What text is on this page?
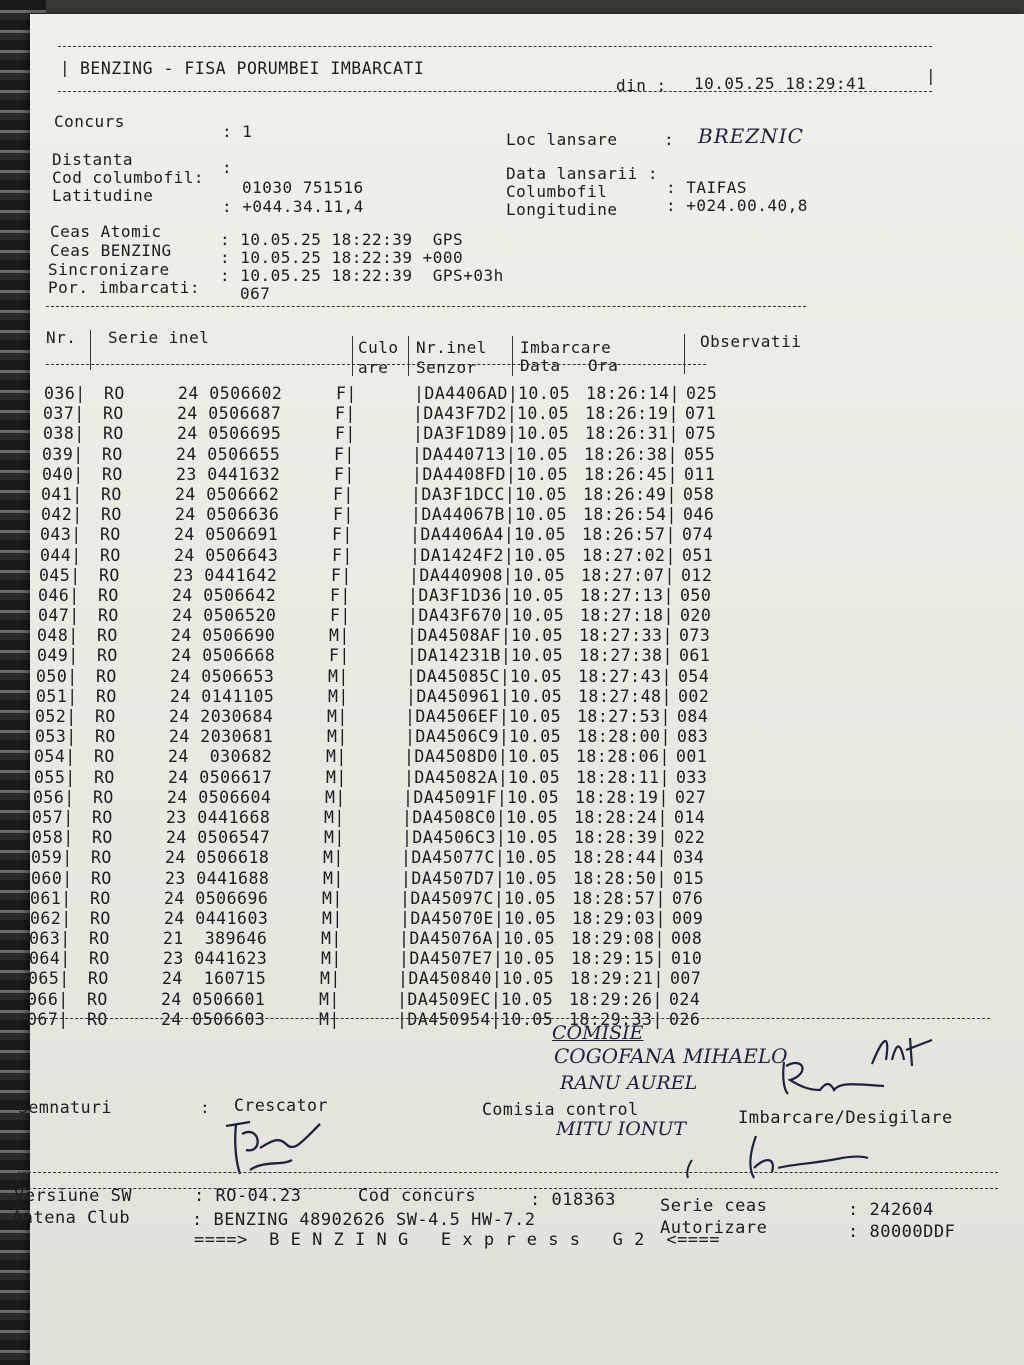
| BENZING - FISA PORUMBEI IMBARCATI
din : 10.05.25 18:29:41	|
Concurs
: 1
Distanta	:
Cod columbofil:
01030 751516
Latitudine
: +044.34.11,4
Loc lansare	: BREZNIC
Data lansarii :
Columbofil	: TAIFAS
Longitudine	: +024.00.40,8
Ceas Atomic	: 10.05.25 18:22:39  GPS
Ceas BENZING	: 10.05.25 18:22:39 +000
Sincronizare	: 10.05.25 18:22:39  GPS+03h
Por. imbarcati:	067
Nr. Serie inel
Culo
are
Nr.inel
Senzor
Imbarcare
Data Ora
Observatii
036| RO	24 0506602	F|	|DA4406AD| 10.05 18:26:14| 025
037| RO	24 0506687	F|	|DA43F7D2| 10.05 18:26:19| 071
038| RO	24 0506695	F|	|DA3F1D89| 10.05 18:26:31| 075
039| RO	24 0506655	F|	|DA440713| 10.05 18:26:38| 055
040| RO	23 0441632	F|	|DA4408FD| 10.05 18:26:45| 011
041| RO	24 0506662	F|	|DA3F1DCC| 10.05 18:26:49| 058
042| RO	24 0506636	F|	|DA44067B| 10.05 18:26:54| 046
043| RO	24 0506691	F|	|DA4406A4| 10.05 18:26:57| 074
044| RO	24 0506643	F|	|DA1424F2| 10.05 18:27:02| 051
045| RO	23 0441642	F|	|DA440908| 10.05 18:27:07| 012
046| RO	24 0506642	F|	|DA3F1D36| 10.05 18:27:13| 050
047| RO	24 0506520	F|	|DA43F670| 10.05 18:27:18| 020
048| RO	24 0506690	M|	|DA4508AF| 10.05 18:27:33| 073
049| RO	24 0506668	F|	|DA14231B| 10.05 18:27:38| 061
050| RO	24 0506653	M|	|DA45085C| 10.05 18:27:43| 054
051| RO	24 0141105	M|	|DA450961| 10.05 18:27:48| 002
052| RO	24 2030684	M|	|DA4506EF| 10.05 18:27:53| 084
053| RO	24 2030681	M|	|DA4506C9| 10.05 18:28:00| 083
054| RO	24  030682	M|	|DA4508D0| 10.05 18:28:06| 001
055| RO	24 0506617	M|	|DA45082A| 10.05 18:28:11| 033
056| RO	24 0506604	M|	|DA45091F| 10.05 18:28:19| 027
057| RO	23 0441668	M|	|DA4508C0| 10.05 18:28:24| 014
058| RO	24 0506547	M|	|DA4506C3| 10.05 18:28:39| 022
059| RO	24 0506618	M|	|DA45077C| 10.05 18:28:44| 034
060| RO	23 0441688	M|	|DA4507D7| 10.05 18:28:50| 015
061| RO	24 0506696	M|	|DA45097C| 10.05 18:28:57| 076
062| RO	24 0441603	M|	|DA45070E| 10.05 18:29:03| 009
063| RO	21  389646	M|	|DA45076A| 10.05 18:29:08| 008
064| RO	23 0441623	M|	|DA4507E7| 10.05 18:29:15| 010
065| RO	24  160715	M|	|DA450840| 10.05 18:29:21| 007
066| RO	24 0506601	M|	|DA4509EC| 10.05 18:29:26| 024
067| RO	24 0506603	M|	|DA450954| 10.05 18:29:33| 026
COMISIE
COGOFANA MIHAELO
RANU AUREL
Semnaturi	: Crescator	Comisia control	Imbarcare/Desigilare
MITU IONUT
Versiune SW	: RO-04.23	Cod concurs	: 018363	Serie ceas	: 242604
Antena Club	: BENZING 48902626 SW-4.5 HW-7.2	Autorizare	: 80000DDF
====>  B E N Z I N G   E x p r e s s   G 2  <====
